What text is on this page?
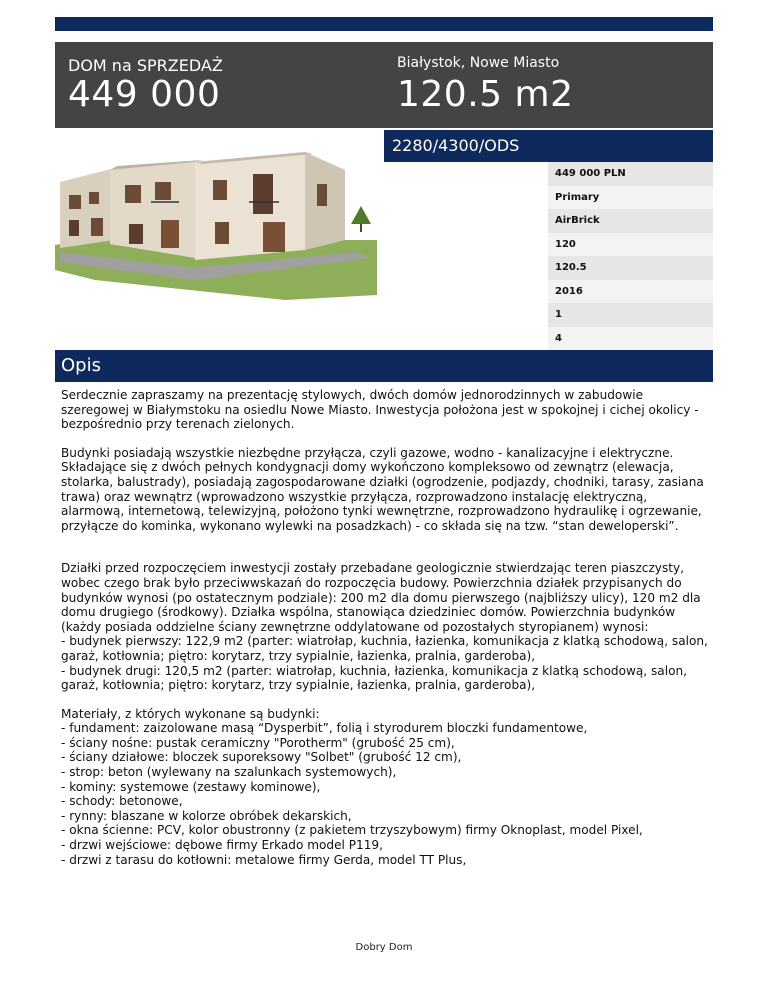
DOM na SPRZEDAŻ
449 000
Białystok, Nowe Miasto
120.5 m2
2280/4300/ODS
449 000 PLN
Primary
AirBrick
120
120.5
2016
1
4
Opis

Serdecznie zapraszamy na prezentację stylowych, dwóch domów jednorodzinnych w zabudowie szeregowej w Białymstoku na osiedlu Nowe Miasto. Inwestycja położona jest w spokojnej i cichej okolicy - bezpośrednio przy terenach zielonych.

Budynki posiadają wszystkie niezbędne przyłącza, czyli gazowe, wodno - kanalizacyjne i elektryczne. Składające się z dwóch pełnych kondygnacji domy wykończono kompleksowo od zewnątrz (elewacja, stolarka, balustrady), posiadają zagospodarowane działki (ogrodzenie, podjazdy, chodniki, tarasy, zasiana trawa) oraz wewnątrz (wprowadzono wszystkie przyłącza, rozprowadzono instalację elektryczną, alarmową, internetową, telewizyjną, położono tynki wewnętrzne, rozprowadzono hydraulikę i ogrzewanie, przyłącze do kominka, wykonano wylewki na posadzkach) - co składa się na tzw. “stan deweloperski”.

Działki przed rozpoczęciem inwestycji zostały przebadane geologicznie stwierdzając teren piaszczysty, wobec czego brak było przeciwwskazań do rozpoczęcia budowy. Powierzchnia działek przypisanych do budynków wynosi (po ostatecznym podziale): 200 m2 dla domu pierwszego (najbliższy ulicy), 120 m2 dla domu drugiego (środkowy). Działka wspólna, stanowiąca dziedziniec domów. Powierzchnia budynków (każdy posiada oddzielne ściany zewnętrzne oddylatowane od pozostałych styropianem) wynosi:
- budynek pierwszy: 122,9 m2 (parter: wiatrołap, kuchnia, łazienka, komunikacja z klatką schodową, salon, garaż, kotłownia; piętro: korytarz, trzy sypialnie, łazienka, pralnia, garderoba),
- budynek drugi: 120,5 m2 (parter: wiatrołap, kuchnia, łazienka, komunikacja z klatką schodową, salon, garaż, kotłownia; piętro: korytarz, trzy sypialnie, łazienka, pralnia, garderoba),

Materiały, z których wykonane są budynki:
- fundament: zaizolowane masą “Dysperbit”, folią i styrodurem bloczki fundamentowe,
- ściany nośne: pustak ceramiczny "Porotherm" (grubość 25 cm),
- ściany działowe: bloczek suporeksowy "Solbet" (grubość 12 cm),
- strop: beton (wylewany na szalunkach systemowych),
- kominy: systemowe (zestawy kominowe),
- schody: betonowe,
- rynny: blaszane w kolorze obróbek dekarskich,
- okna ścienne: PCV, kolor obustronny (z pakietem trzyszybowym) firmy Oknoplast, model Pixel,
- drzwi wejściowe: dębowe firmy Erkado model P119,
- drzwi z tarasu do kotłowni: metalowe firmy Gerda, model TT Plus,

Dobry Dom
